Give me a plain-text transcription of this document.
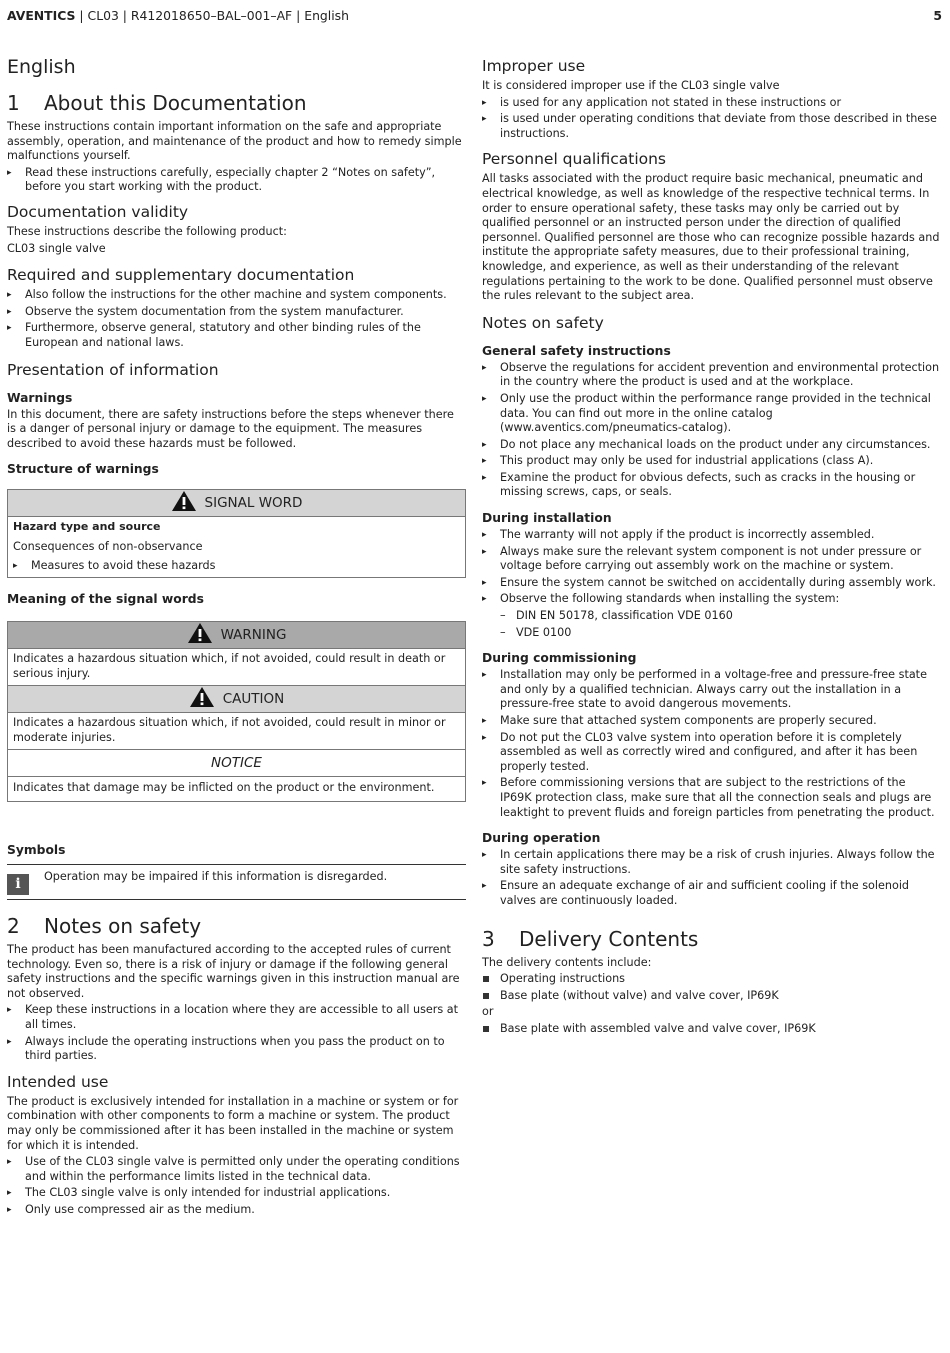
AVENTICS | CL03 | R412018650–BAL–001–AF | English	5
English
1 About this Documentation

These instructions contain important information on the safe and appropriate assembly, operation, and maintenance of the product and how to remedy simple malfunctions yourself.

▸ Read these instructions carefully, especially chapter 2 “Notes on safety”, before you start working with the product.
Documentation validity

These instructions describe the following product:

CL03 single valve

Required and supplementary documentation
▸ Also follow the instructions for the other machine and system components.
▸ Observe the system documentation from the system manufacturer.
▸ Furthermore, observe general, statutory and other binding rules of the European and national laws.
Presentation of information
Warnings

In this document, there are safety instructions before the steps whenever there is a danger of personal injury or damage to the equipment. The measures described to avoid these hazards must be followed.

Structure of warnings
SIGNAL WORD
Hazard type and source
Consequences of non-observance
▸ Measures to avoid these hazards
Meaning of the signal words
WARNING
Indicates a hazardous situation which, if not avoided, could result in death or serious injury.
CAUTION
Indicates a hazardous situation which, if not avoided, could result in minor or moderate injuries.
NOTICE
Indicates that damage may be inflicted on the product or the environment.
Symbols
i	Operation may be impaired if this information is disregarded.
2 Notes on safety

The product has been manufactured according to the accepted rules of current technology. Even so, there is a risk of injury or damage if the following general safety instructions and the specific warnings given in this instruction manual are not observed.

▸ Keep these instructions in a location where they are accessible to all users at all times.
▸ Always include the operating instructions when you pass the product on to third parties.
Intended use

The product is exclusively intended for installation in a machine or system or for combination with other components to form a machine or system. The product may only be commissioned after it has been installed in the machine or system for which it is intended.

▸ Use of the CL03 single valve is permitted only under the operating conditions and within the performance limits listed in the technical data.
▸ The CL03 single valve is only intended for industrial applications.
▸ Only use compressed air as the medium.
Improper use

It is considered improper use if the CL03 single valve

▸ is used for any application not stated in these instructions or
▸ is used under operating conditions that deviate from those described in these instructions.
Personnel qualifications

All tasks associated with the product require basic mechanical, pneumatic and electrical knowledge, as well as knowledge of the respective technical terms. In order to ensure operational safety, these tasks may only be carried out by qualified personnel or an instructed person under the direction of qualified personnel. Qualified personnel are those who can recognize possible hazards and institute the appropriate safety measures, due to their professional training, knowledge, and experience, as well as their understanding of the relevant regulations pertaining to the work to be done. Qualified personnel must observe the rules relevant to the subject area.

Notes on safety
General safety instructions
▸ Observe the regulations for accident prevention and environmental protection in the country where the product is used and at the workplace.
▸ Only use the product within the performance range provided in the technical data. You can find out more in the online catalog (www.aventics.com/pneumatics-catalog).
▸ Do not place any mechanical loads on the product under any circumstances.
▸ This product may only be used for industrial applications (class A).
▸ Examine the product for obvious defects, such as cracks in the housing or missing screws, caps, or seals.
During installation
▸ The warranty will not apply if the product is incorrectly assembled.
▸ Always make sure the relevant system component is not under pressure or voltage before carrying out assembly work on the machine or system.
▸ Ensure the system cannot be switched on accidentally during assembly work.
▸ Observe the following standards when installing the system:
– DIN EN 50178, classification VDE 0160
– VDE 0100
During commissioning
▸ Installation may only be performed in a voltage-free and pressure-free state and only by a qualified technician. Always carry out the installation in a pressure-free state to avoid dangerous movements.
▸ Make sure that attached system components are properly secured.
▸ Do not put the CL03 valve system into operation before it is completely assembled as well as correctly wired and configured, and after it has been properly tested.
▸ Before commissioning versions that are subject to the restrictions of the IP69K protection class, make sure that all the connection seals and plugs are leaktight to prevent fluids and foreign particles from penetrating the product.
During operation
▸ In certain applications there may be a risk of crush injuries. Always follow the site safety instructions.
▸ Ensure an adequate exchange of air and sufficient cooling if the solenoid valves are continuously loaded.
3 Delivery Contents

The delivery contents include:

Operating instructions
Base plate (without valve) and valve cover, IP69K

or

Base plate with assembled valve and valve cover, IP69K
